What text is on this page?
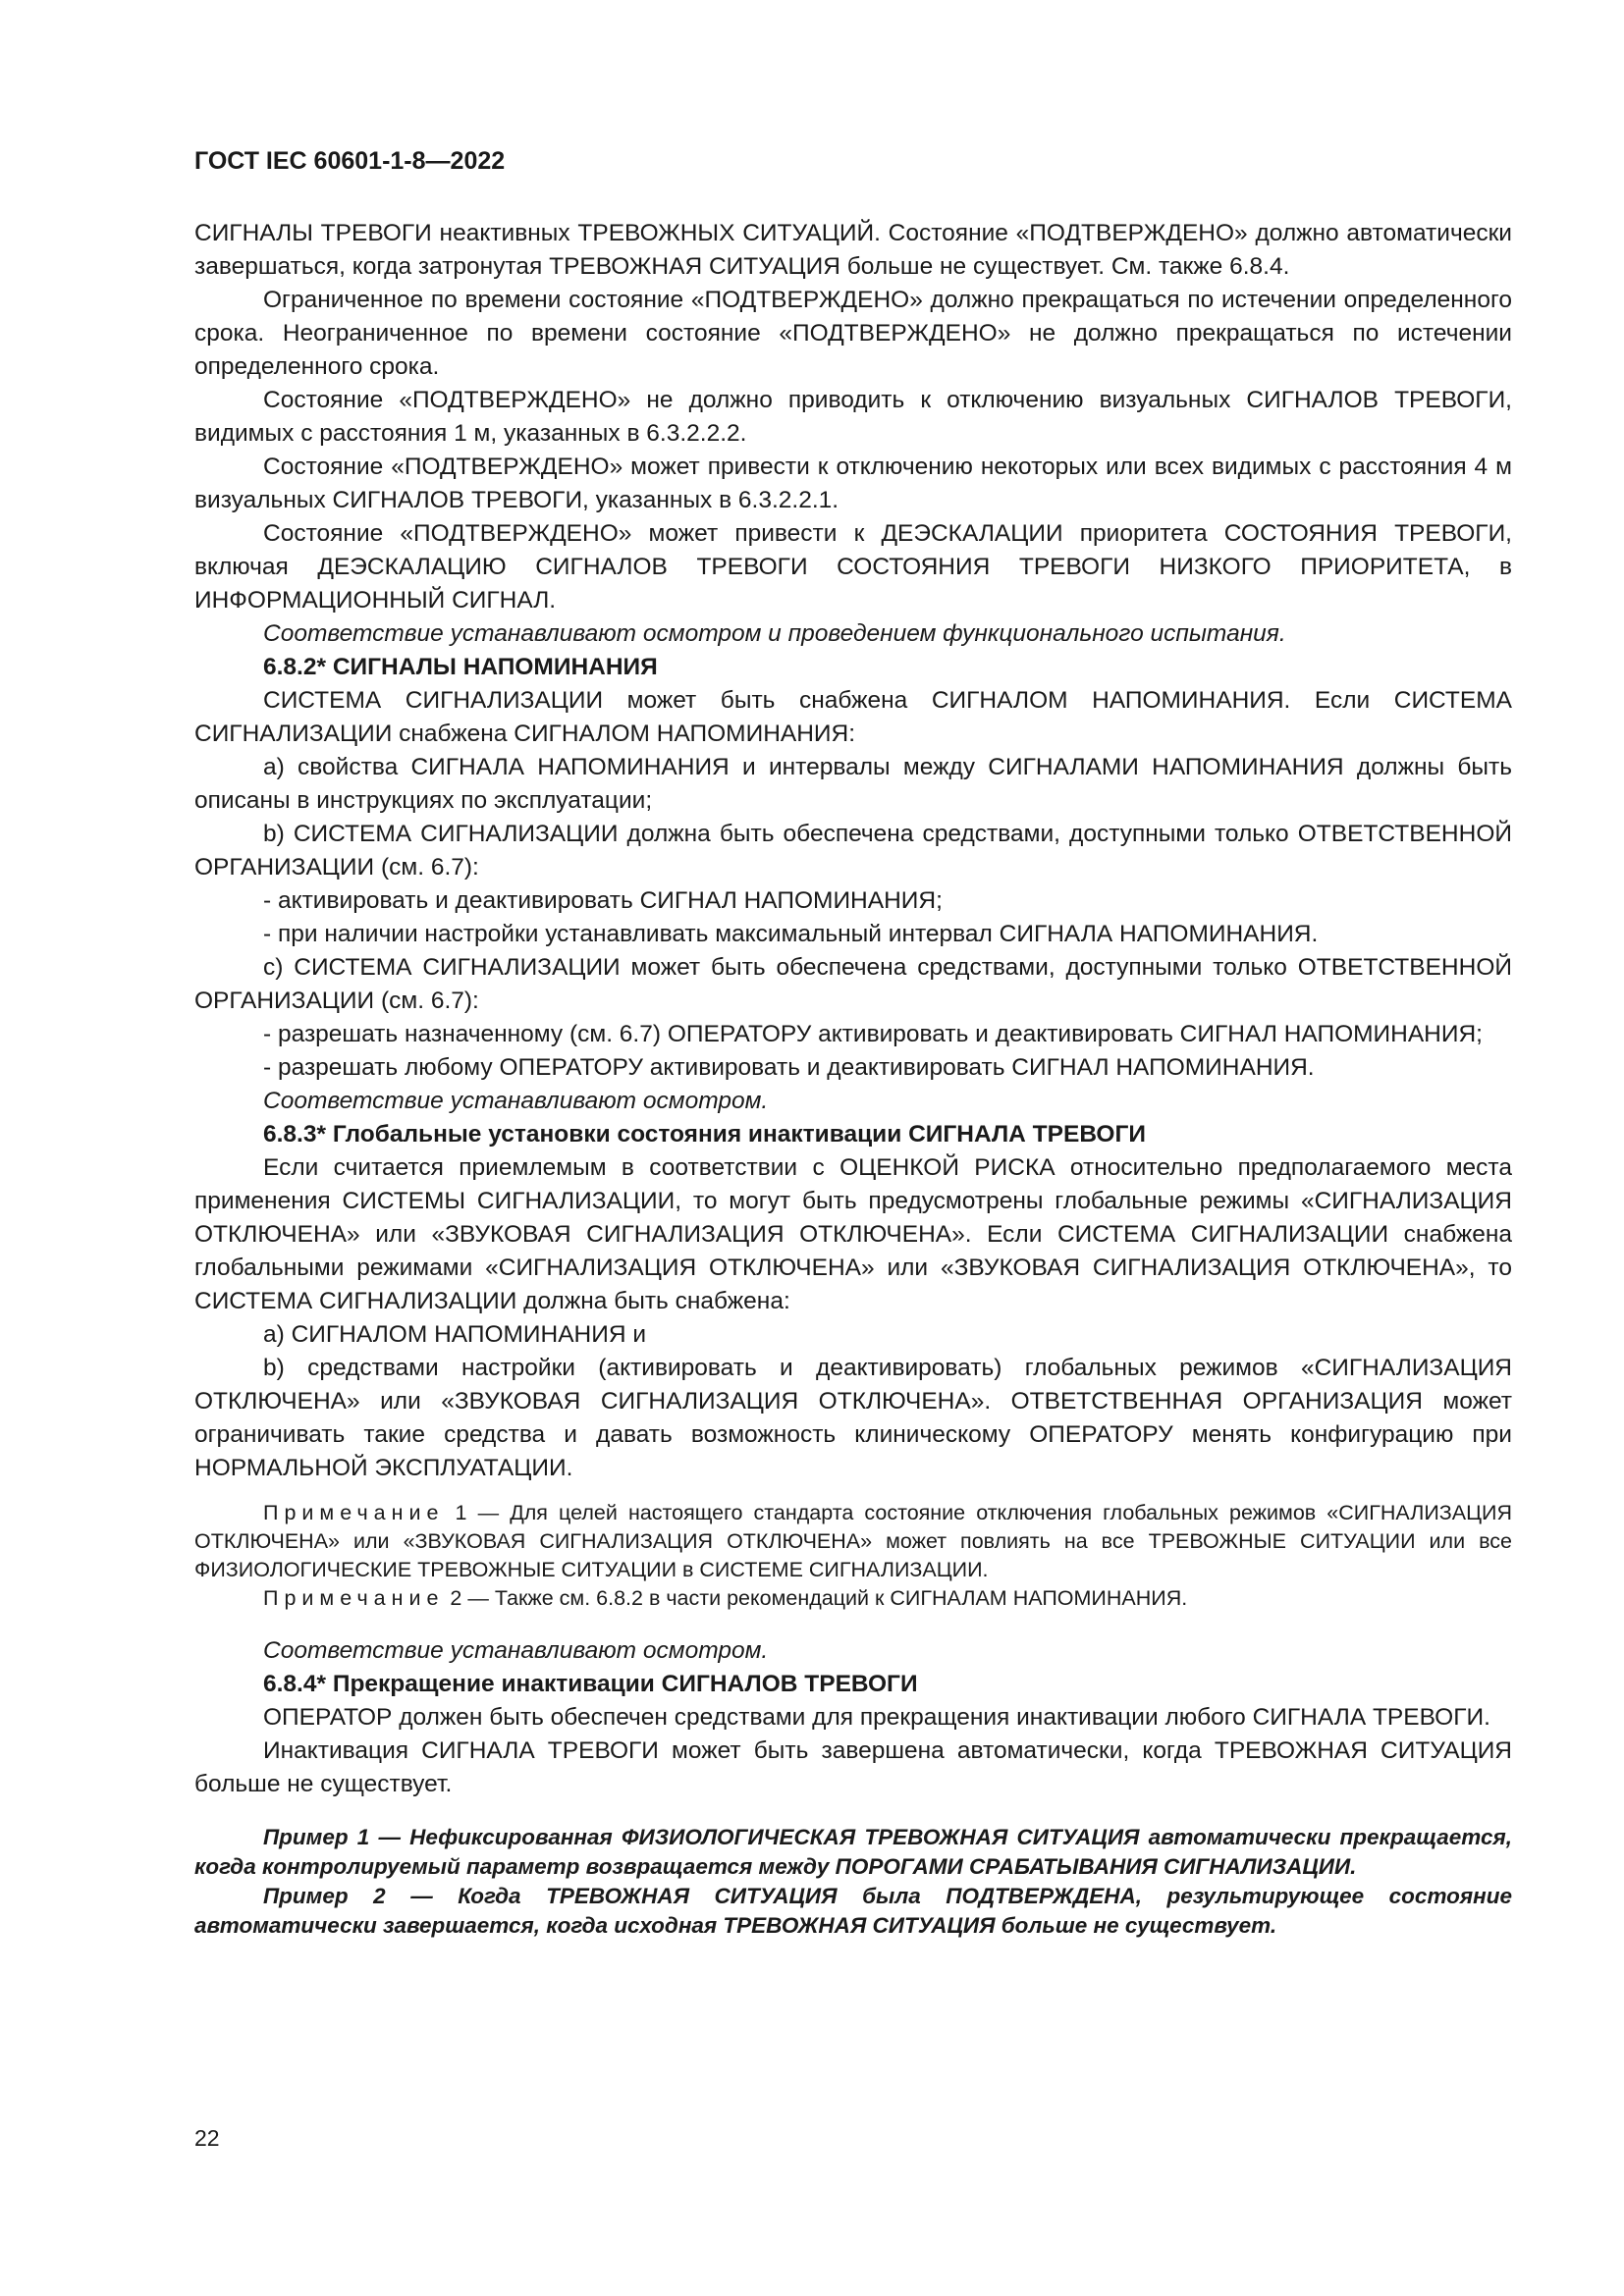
ГОСТ IEC 60601-1-8—2022

СИГНАЛЫ ТРЕВОГИ неактивных ТРЕВОЖНЫХ СИТУАЦИЙ. Состояние «ПОДТВЕРЖДЕНО» должно автоматически завершаться, когда затронутая ТРЕВОЖНАЯ СИТУАЦИЯ больше не существует. См. также 6.8.4.

Ограниченное по времени состояние «ПОДТВЕРЖДЕНО» должно прекращаться по истечении определенного срока. Неограниченное по времени состояние «ПОДТВЕРЖДЕНО» не должно прекращаться по истечении определенного срока.

Состояние «ПОДТВЕРЖДЕНО» не должно приводить к отключению визуальных СИГНАЛОВ ТРЕВОГИ, видимых с расстояния 1 м, указанных в 6.3.2.2.2.

Состояние «ПОДТВЕРЖДЕНО» может привести к отключению некоторых или всех видимых с расстояния 4 м визуальных СИГНАЛОВ ТРЕВОГИ, указанных в 6.3.2.2.1.

Состояние «ПОДТВЕРЖДЕНО» может привести к ДЕЭСКАЛАЦИИ приоритета СОСТОЯНИЯ ТРЕВОГИ, включая ДЕЭСКАЛАЦИЮ СИГНАЛОВ ТРЕВОГИ СОСТОЯНИЯ ТРЕВОГИ НИЗКОГО ПРИОРИТЕТА, в ИНФОРМАЦИОННЫЙ СИГНАЛ.

Соответствие устанавливают осмотром и проведением функционального испытания.

6.8.2* СИГНАЛЫ НАПОМИНАНИЯ

СИСТЕМА СИГНАЛИЗАЦИИ может быть снабжена СИГНАЛОМ НАПОМИНАНИЯ. Если СИСТЕМА СИГНАЛИЗАЦИИ снабжена СИГНАЛОМ НАПОМИНАНИЯ:

a) свойства СИГНАЛА НАПОМИНАНИЯ и интервалы между СИГНАЛАМИ НАПОМИНАНИЯ должны быть описаны в инструкциях по эксплуатации;

b) СИСТЕМА СИГНАЛИЗАЦИИ должна быть обеспечена средствами, доступными только ОТВЕТСТВЕННОЙ ОРГАНИЗАЦИИ (см. 6.7):

- активировать и деактивировать СИГНАЛ НАПОМИНАНИЯ;

- при наличии настройки устанавливать максимальный интервал СИГНАЛА НАПОМИНАНИЯ.

c) СИСТЕМА СИГНАЛИЗАЦИИ может быть обеспечена средствами, доступными только ОТВЕТСТВЕННОЙ ОРГАНИЗАЦИИ (см. 6.7):

- разрешать назначенному (см. 6.7) ОПЕРАТОРУ активировать и деактивировать СИГНАЛ НАПОМИНАНИЯ;

- разрешать любому ОПЕРАТОРУ активировать и деактивировать СИГНАЛ НАПОМИНАНИЯ.

Соответствие устанавливают осмотром.

6.8.3* Глобальные установки состояния инактивации СИГНАЛА ТРЕВОГИ

Если считается приемлемым в соответствии с ОЦЕНКОЙ РИСКА относительно предполагаемого места применения СИСТЕМЫ СИГНАЛИЗАЦИИ, то могут быть предусмотрены глобальные режимы «СИГНАЛИЗАЦИЯ ОТКЛЮЧЕНА» или «ЗВУКОВАЯ СИГНАЛИЗАЦИЯ ОТКЛЮЧЕНА». Если СИСТЕМА СИГНАЛИЗАЦИИ снабжена глобальными режимами «СИГНАЛИЗАЦИЯ ОТКЛЮЧЕНА» или «ЗВУКОВАЯ СИГНАЛИЗАЦИЯ ОТКЛЮЧЕНА», то СИСТЕМА СИГНАЛИЗАЦИИ должна быть снабжена:

a) СИГНАЛОМ НАПОМИНАНИЯ и

b) средствами настройки (активировать и деактивировать) глобальных режимов «СИГНАЛИЗАЦИЯ ОТКЛЮЧЕНА» или «ЗВУКОВАЯ СИГНАЛИЗАЦИЯ ОТКЛЮЧЕНА». ОТВЕТСТВЕННАЯ ОРГАНИЗАЦИЯ может ограничивать такие средства и давать возможность клиническому ОПЕРАТОРУ менять конфигурацию при НОРМАЛЬНОЙ ЭКСПЛУАТАЦИИ.

Примечание 1 — Для целей настоящего стандарта состояние отключения глобальных режимов «СИГНАЛИЗАЦИЯ ОТКЛЮЧЕНА» или «ЗВУКОВАЯ СИГНАЛИЗАЦИЯ ОТКЛЮЧЕНА» может повлиять на все ТРЕВОЖНЫЕ СИТУАЦИИ или все ФИЗИОЛОГИЧЕСКИЕ ТРЕВОЖНЫЕ СИТУАЦИИ в СИСТЕМЕ СИГНАЛИЗАЦИИ.

Примечание 2 — Также см. 6.8.2 в части рекомендаций к СИГНАЛАМ НАПОМИНАНИЯ.

Соответствие устанавливают осмотром.

6.8.4* Прекращение инактивации СИГНАЛОВ ТРЕВОГИ

ОПЕРАТОР должен быть обеспечен средствами для прекращения инактивации любого СИГНАЛА ТРЕВОГИ.

Инактивация СИГНАЛА ТРЕВОГИ может быть завершена автоматически, когда ТРЕВОЖНАЯ СИТУАЦИЯ больше не существует.

Пример 1 — Нефиксированная ФИЗИОЛОГИЧЕСКАЯ ТРЕВОЖНАЯ СИТУАЦИЯ автоматически прекращается, когда контролируемый параметр возвращается между ПОРОГАМИ СРАБАТЫВАНИЯ СИГНАЛИЗАЦИИ.

Пример 2 — Когда ТРЕВОЖНАЯ СИТУАЦИЯ была ПОДТВЕРЖДЕНА, результирующее состояние автоматически завершается, когда исходная ТРЕВОЖНАЯ СИТУАЦИЯ больше не существует.

22
